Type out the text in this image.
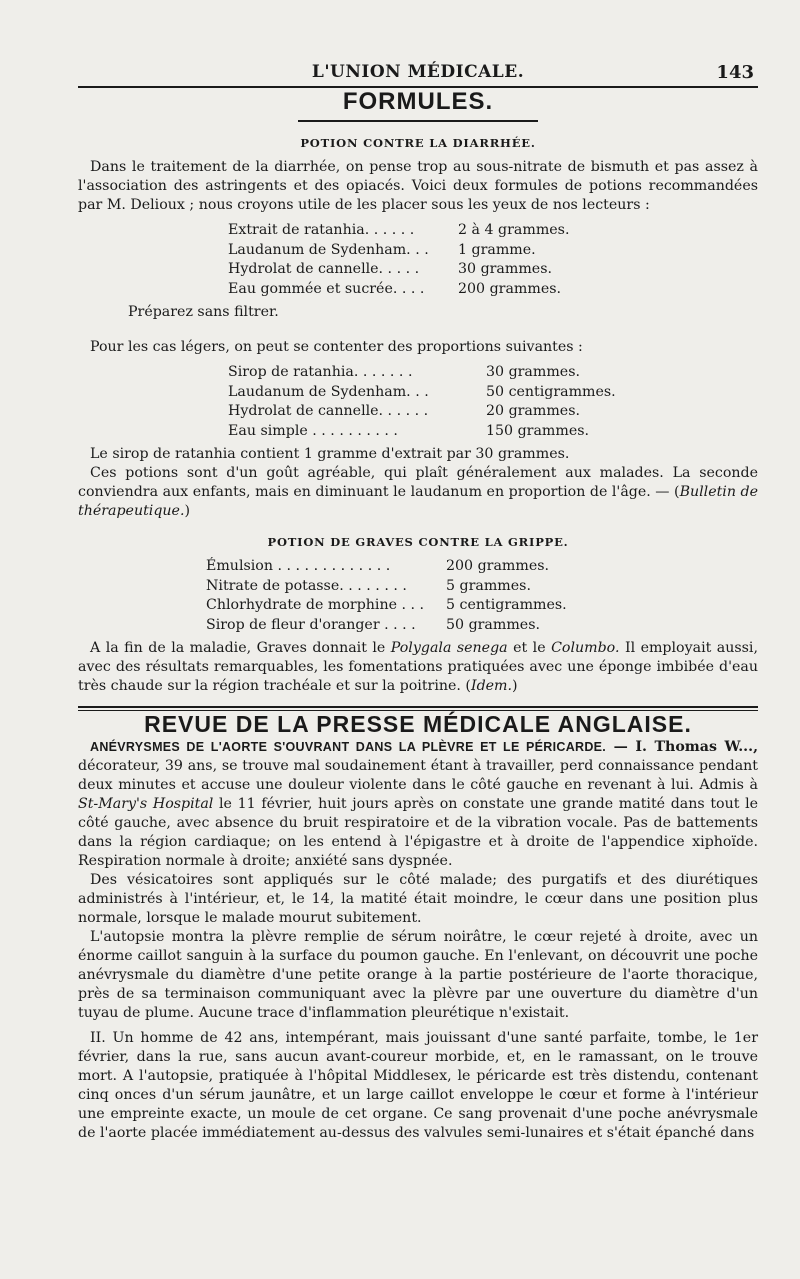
L'UNION MÉDICALE.	143
FORMULES.
POTION CONTRE LA DIARRHÉE.

Dans le traitement de la diarrhée, on pense trop au sous-nitrate de bismuth et pas assez à l'association des astringents et des opiacés. Voici deux formules de potions recommandées par M. Delioux ; nous croyons utile de les placer sous les yeux de nos lecteurs :

Extrait de ratanhia. . . . . .	2 à 4 grammes.
Laudanum de Sydenham. . .	1 gramme.
Hydrolat de cannelle. . . . .	30 grammes.
Eau gommée et sucrée. . . .	200 grammes.
Préparez sans filtrer.

Pour les cas légers, on peut se contenter des proportions suivantes :

Sirop de ratanhia. . . . . . .	30 grammes.
Laudanum de Sydenham. . .	50 centigrammes.
Hydrolat de cannelle. . . . . .	20 grammes.
Eau simple . . . . . . . . . .	150 grammes.

Le sirop de ratanhia contient 1 gramme d'extrait par 30 grammes.

Ces potions sont d'un goût agréable, qui plaît généralement aux malades. La seconde conviendra aux enfants, mais en diminuant le laudanum en proportion de l'âge. — (Bulletin de thérapeutique.)

POTION DE GRAVES CONTRE LA GRIPPE.
Émulsion . . . . . . . . . . . . .	200 grammes.
Nitrate de potasse. . . . . . . .	5 grammes.
Chlorhydrate de morphine . . .	5 centigrammes.
Sirop de fleur d'oranger . . . .	50 grammes.

A la fin de la maladie, Graves donnait le Polygala senega et le Columbo. Il employait aussi, avec des résultats remarquables, les fomentations pratiquées avec une éponge imbibée d'eau très chaude sur la région trachéale et sur la poitrine. (Idem.)

REVUE DE LA PRESSE MÉDICALE ANGLAISE.

ANÉVRYSMES DE L'AORTE S'OUVRANT DANS LA PLÈVRE ET LE PÉRICARDE. — I. Thomas W..., décorateur, 39 ans, se trouve mal soudainement étant à travailler, perd connaissance pendant deux minutes et accuse une douleur violente dans le côté gauche en revenant à lui. Admis à St-Mary's Hospital le 11 février, huit jours après on constate une grande matité dans tout le côté gauche, avec absence du bruit respiratoire et de la vibration vocale. Pas de battements dans la région cardiaque; on les entend à l'épigastre et à droite de l'appendice xiphoïde. Respiration normale à droite; anxiété sans dyspnée.

Des vésicatoires sont appliqués sur le côté malade; des purgatifs et des diurétiques administrés à l'intérieur, et, le 14, la matité était moindre, le cœur dans une position plus normale, lorsque le malade mourut subitement.

L'autopsie montra la plèvre remplie de sérum noirâtre, le cœur rejeté à droite, avec un énorme caillot sanguin à la surface du poumon gauche. En l'enlevant, on découvrit une poche anévrysmale du diamètre d'une petite orange à la partie postérieure de l'aorte thoracique, près de sa terminaison communiquant avec la plèvre par une ouverture du diamètre d'un tuyau de plume. Aucune trace d'inflammation pleurétique n'existait.

II. Un homme de 42 ans, intempérant, mais jouissant d'une santé parfaite, tombe, le 1er février, dans la rue, sans aucun avant-coureur morbide, et, en le ramassant, on le trouve mort. A l'autopsie, pratiquée à l'hôpital Middlesex, le péricarde est très distendu, contenant cinq onces d'un sérum jaunâtre, et un large caillot enveloppe le cœur et forme à l'intérieur une empreinte exacte, un moule de cet organe. Ce sang provenait d'une poche anévrysmale de l'aorte placée immédiatement au-dessus des valvules semi-lunaires et s'était épanché dans
